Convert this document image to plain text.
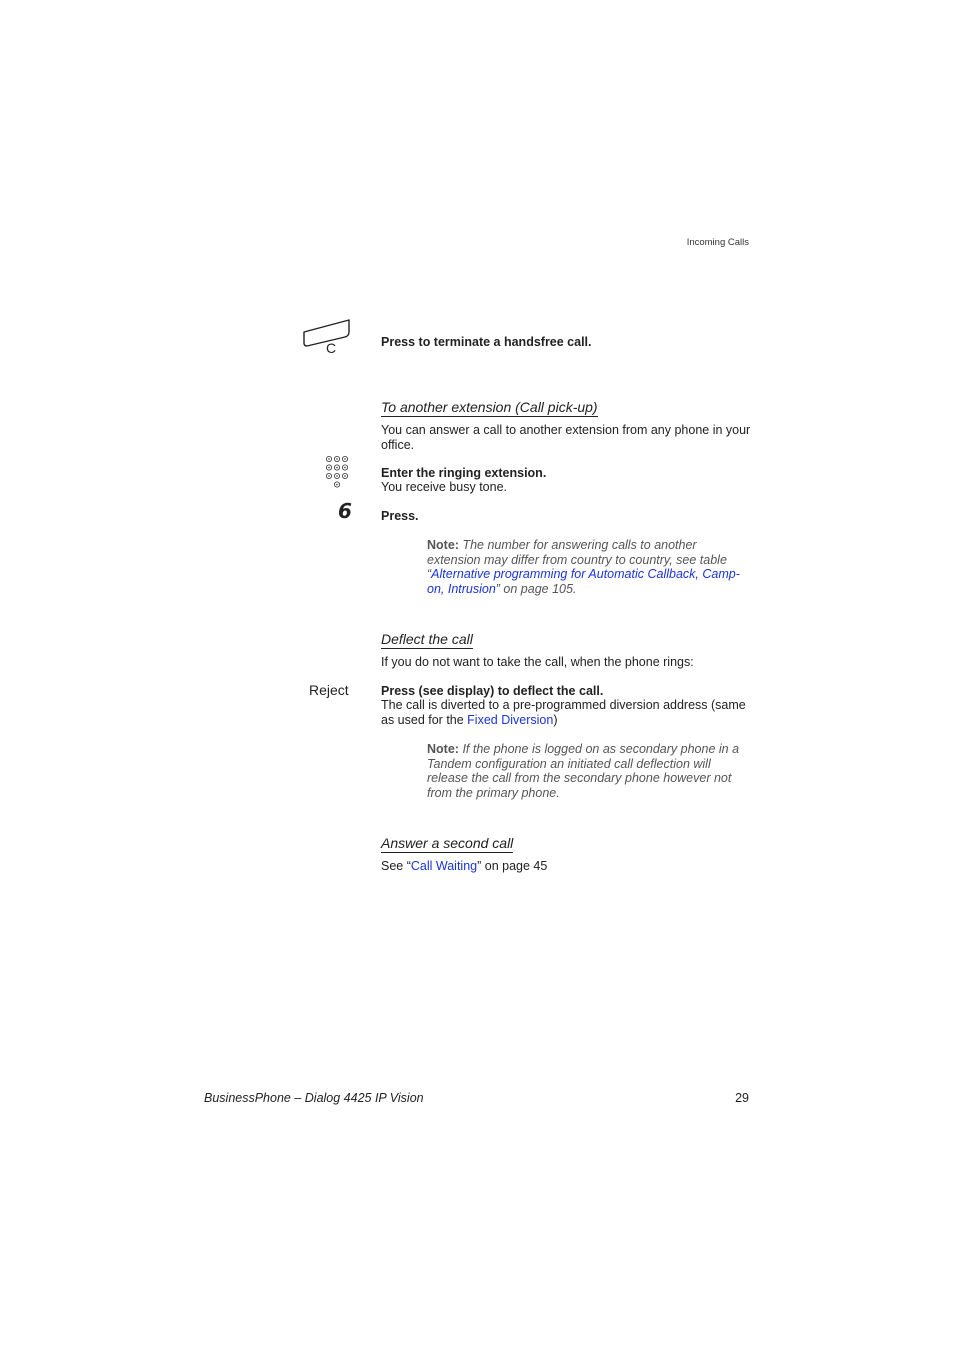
Incoming Calls
C	Press to terminate a handsfree call.
To another extension (Call pick-up)
You can answer a call to another extension from any phone in your office.
Enter the ringing extension.
You receive busy tone.
6 Press.
Note: The number for answering calls to another extension may differ from country to country, see table “Alternative programming for Automatic Callback, Camp-on, Intrusion” on page 105.
Deflect the call
If you do not want to take the call, when the phone rings:
Reject	Press (see display) to deflect the call.
The call is diverted to a pre-programmed diversion address (same as used for the Fixed Diversion)
Note: If the phone is logged on as secondary phone in a Tandem configuration an initiated call deflection will release the call from the secondary phone however not from the primary phone.
Answer a second call
See “Call Waiting” on page 45
BusinessPhone – Dialog 4425 IP Vision	29
